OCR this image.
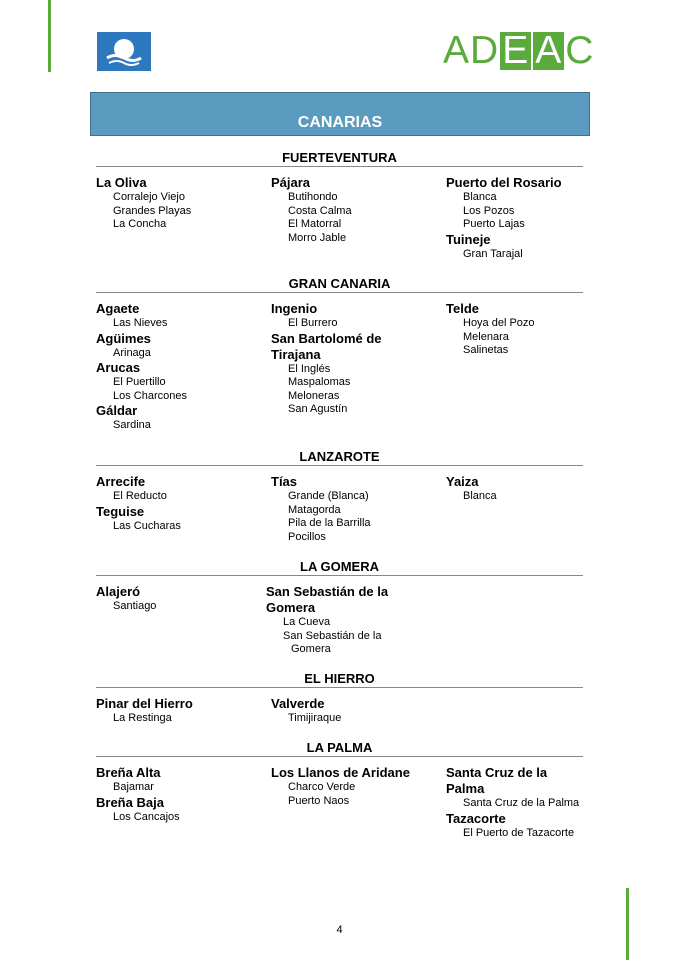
AD E A C
CANARIAS
FUERTEVENTURA
La Oliva
Corralejo Viejo
Grandes Playas
La Concha
Pájara
Butihondo
Costa Calma
El Matorral
Morro Jable
Puerto del Rosario
Blanca
Los Pozos
Puerto Lajas
Tuineje
Gran Tarajal
GRAN CANARIA
Agaete
Las Nieves
Agüimes
Arinaga
Arucas
El Puertillo
Los Charcones
Gáldar
Sardina
Ingenio
El Burrero
San Bartolomé de
Tirajana
El Inglés
Maspalomas
Meloneras
San Agustín
Telde
Hoya del Pozo
Melenara
Salinetas
LANZAROTE
Arrecife
El Reducto
Teguise
Las Cucharas
Tías
Grande (Blanca)
Matagorda
Pila de la Barrilla
Pocillos
Yaiza
Blanca
LA GOMERA
Alajeró
Santiago
San Sebastián de la
Gomera
La Cueva
San Sebastián de la
Gomera
EL HIERRO
Pinar del Hierro
La Restinga
Valverde
Timijiraque
LA PALMA
Breña Alta
Bajamar
Breña Baja
Los Cancajos
Los Llanos de Aridane
Charco Verde
Puerto Naos
Santa Cruz de la
Palma
Santa Cruz de la Palma
Tazacorte
El Puerto de Tazacorte
4
